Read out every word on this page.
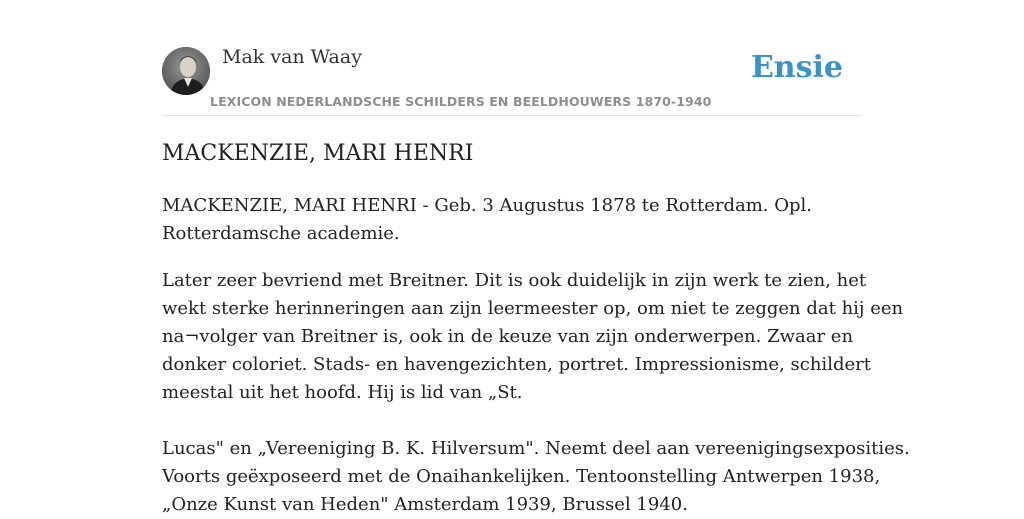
Mak van Waay
LEXICON NEDERLANDSCHE SCHILDERS EN BEELDHOUWERS 1870-1940
Ensie
MACKENZIE, MARI HENRI

MACKENZIE, MARI HENRI - Geb. 3 Augustus 1878 te Rotterdam. Opl.

Rotterdamsche academie.

Later zeer bevriend met Breitner. Dit is ook duidelijk in zijn werk te zien, het

wekt sterke herinneringen aan zijn leermeester op, om niet te zeggen dat hij een

na¬volger van Breitner is, ook in de keuze van zijn onderwerpen. Zwaar en

donker coloriet. Stads- en havengezichten, portret. Impressionisme, schildert

meestal uit het hoofd. Hij is lid van „St.

Lucas" en „Vereeniging B. K. Hilversum". Neemt deel aan vereenigingsexposities.

Voorts geëxposeerd met de Onaihankelijken. Tentoonstelling Antwerpen 1938,

„Onze Kunst van Heden" Amsterdam 1939, Brussel 1940.
